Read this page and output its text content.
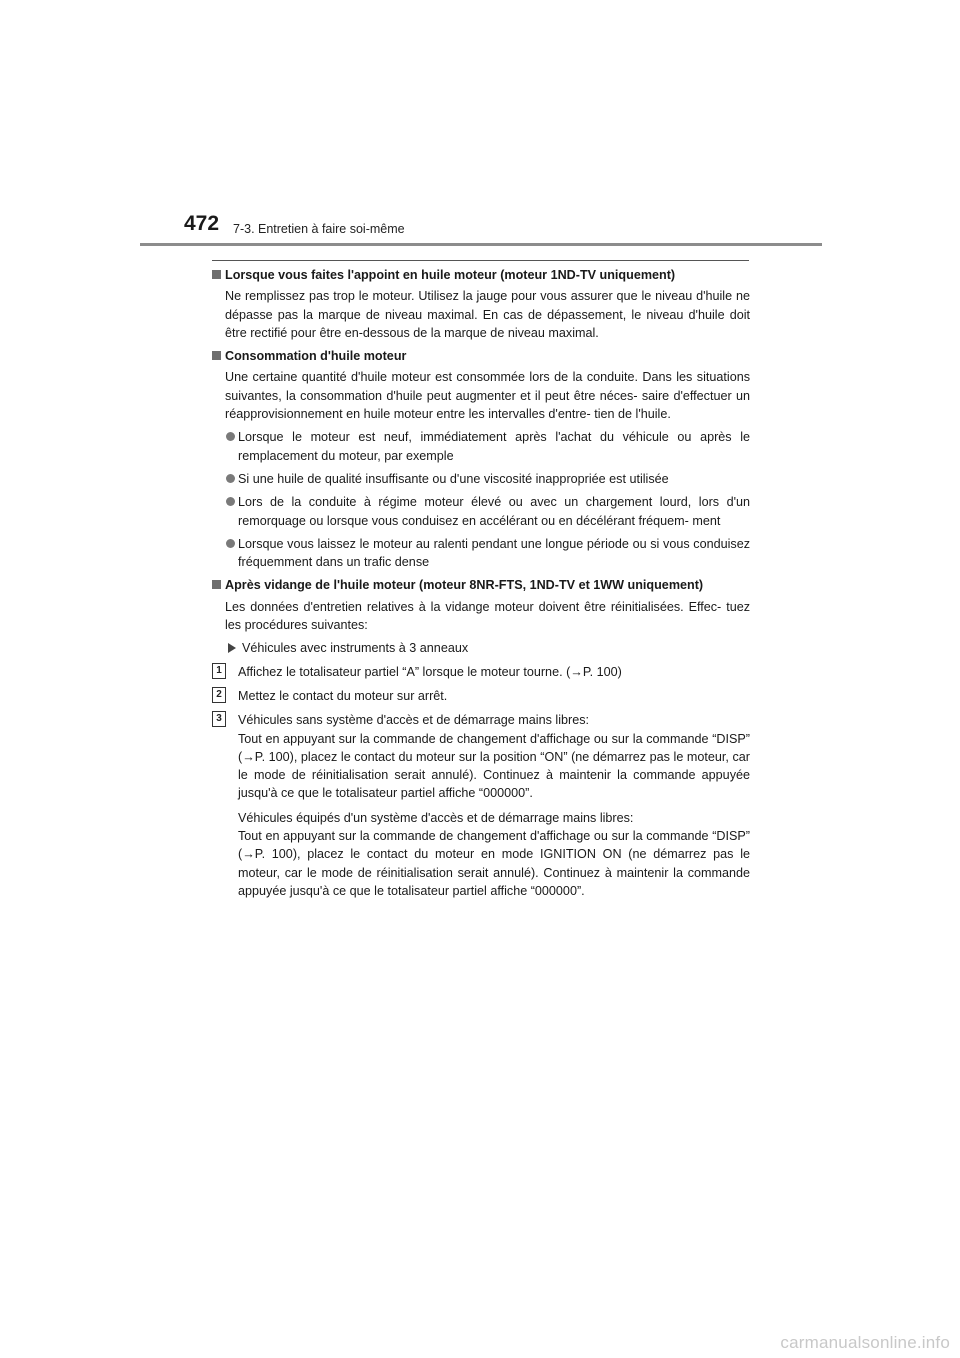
472 7-3. Entretien à faire soi-même
Lorsque vous faites l'appoint en huile moteur (moteur 1ND-TV uniquement)
Ne remplissez pas trop le moteur. Utilisez la jauge pour vous assurer que le niveau d'huile ne dépasse pas la marque de niveau maximal. En cas de dépassement, le niveau d'huile doit être rectifié pour être en-dessous de la marque de niveau maximal.
Consommation d'huile moteur
Une certaine quantité d'huile moteur est consommée lors de la conduite. Dans les situations suivantes, la consommation d'huile peut augmenter et il peut être néces- saire d'effectuer un réapprovisionnement en huile moteur entre les intervalles d'entre- tien de l'huile.
Lorsque le moteur est neuf, immédiatement après l'achat du véhicule ou après le remplacement du moteur, par exemple
Si une huile de qualité insuffisante ou d'une viscosité inappropriée est utilisée
Lors de la conduite à régime moteur élevé ou avec un chargement lourd, lors d'un remorquage ou lorsque vous conduisez en accélérant ou en décélérant fréquem- ment
Lorsque vous laissez le moteur au ralenti pendant une longue période ou si vous conduisez fréquemment dans un trafic dense
Après vidange de l'huile moteur (moteur 8NR-FTS, 1ND-TV et 1WW uniquement)
Les données d'entretien relatives à la vidange moteur doivent être réinitialisées. Effec- tuez les procédures suivantes:
Véhicules avec instruments à 3 anneaux
1	Affichez le totalisateur partiel “A” lorsque le moteur tourne. (→P. 100)
2	Mettez le contact du moteur sur arrêt.
3	Véhicules sans système d'accès et de démarrage mains libres:
Tout en appuyant sur la commande de changement d'affichage ou sur la commande “DISP” (→P. 100), placez le contact du moteur sur la position “ON” (ne démarrez pas le moteur, car le mode de réinitialisation serait annulé). Continuez à maintenir la commande appuyée jusqu'à ce que le totalisateur partiel affiche “000000”.
Véhicules équipés d'un système d'accès et de démarrage mains libres:
Tout en appuyant sur la commande de changement d'affichage ou sur la commande “DISP” (→P. 100), placez le contact du moteur en mode IGNITION ON (ne démarrez pas le moteur, car le mode de réinitialisation serait annulé). Continuez à maintenir la commande appuyée jusqu'à ce que le totalisateur partiel affiche “000000”.
carmanualsonline.info
